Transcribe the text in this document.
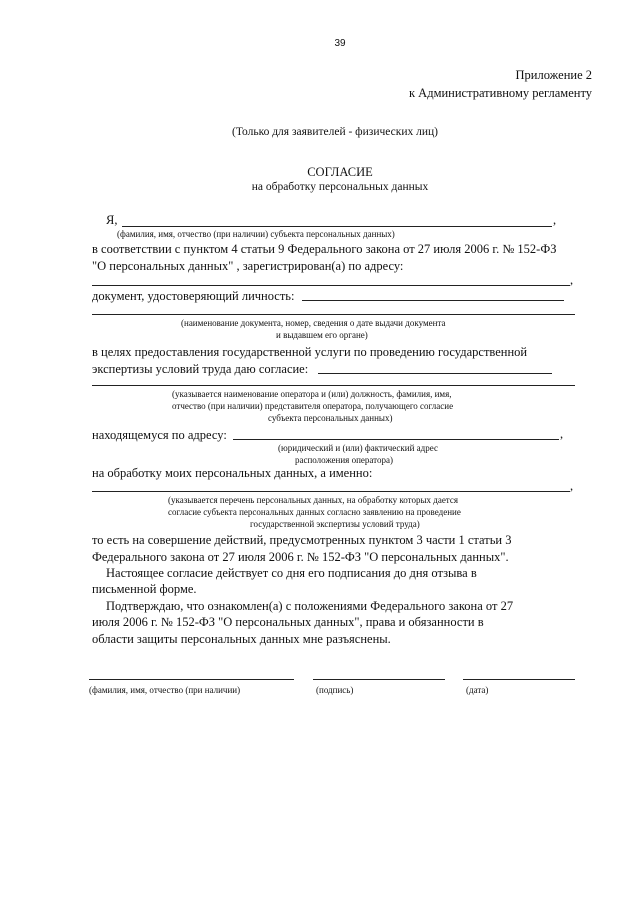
39
Приложение 2
к Административному регламенту
(Только для заявителей - физических лиц)
СОГЛАСИЕ
на обработку персональных данных
Я,	,
(фамилия, имя, отчество (при наличии) субъекта персональных данных)
в соответствии с пунктом 4 статьи 9 Федерального закона от 27 июля 2006 г. № 152-ФЗ
"О персональных данных" , зарегистрирован(а) по адресу:
,
документ, удостоверяющий личность:
(наименование документа, номер, сведения о дате выдачи документа
и выдавшем его органе)
в целях предоставления государственной услуги по проведению государственной
экспертизы условий труда даю согласие:
(указывается наименование оператора и (или) должность, фамилия, имя,
отчество (при наличии) представителя оператора, получающего согласие
субъекта персональных данных)
находящемуся по адресу:	,
(юридический и (или) фактический адрес
расположения оператора)
на обработку моих персональных данных, а именно:
,
(указывается перечень персональных данных, на обработку которых дается
согласие субъекта персональных данных согласно заявлению на проведение
государственной экспертизы условий труда)
то есть на совершение действий, предусмотренных пунктом 3 части 1 статьи 3
Федерального закона от 27 июля 2006 г. № 152-ФЗ "О персональных данных".
Настоящее согласие действует со дня его подписания до дня отзыва в
письменной форме.
Подтверждаю, что ознакомлен(а) с положениями Федерального закона от 27
июля 2006 г. № 152-ФЗ "О персональных данных", права и обязанности в
области защиты персональных данных мне разъяснены.
(фамилия, имя, отчество (при наличии)	(подпись)	(дата)
